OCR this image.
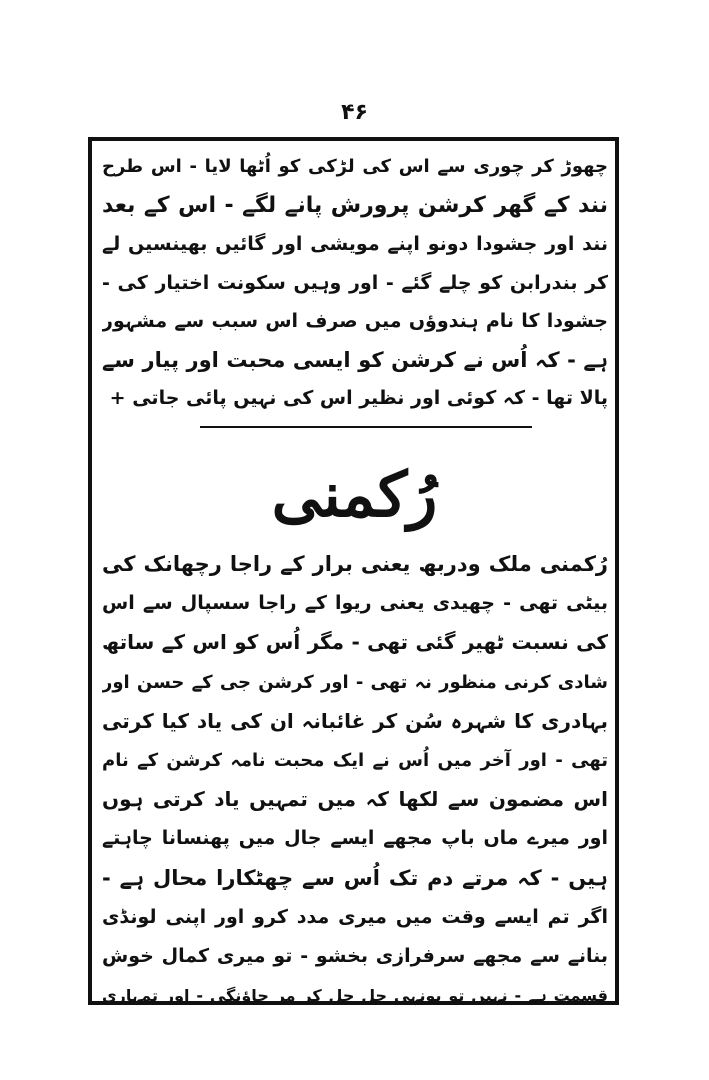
۴۶
چھوڑ کر چوری سے اس کی لڑکی کو اُٹھا لایا - اس طرح
نند کے گھر کرشن پرورش پانے لگے - اس کے بعد
نند اور جشودا دونو اپنے مویشی اور گائیں بھینسیں لے
کر بندرابن کو چلے گئے - اور وہیں سکونت اختیار کی -
جشودا کا نام ہندوؤں میں صرف اس سبب سے مشہور
ہے - کہ اُس نے کرشن کو ایسی محبت اور پیار سے
پالا تھا - کہ کوئی اور نظیر اس کی نہیں پائی جاتی +
رُکمنی
رُکمنی ملک ودربھ یعنی برار کے راجا رچھانک کی
بیٹی تھی - چھیدی یعنی ریوا کے راجا سسپال سے اس
کی نسبت ٹھیر گئی تھی - مگر اُس کو اس کے ساتھ
شادی کرنی منظور نہ تھی - اور کرشن جی کے حسن اور
بہادری کا شہرہ سُن کر غائبانہ ان کی یاد کیا کرتی
تھی - اور آخر میں اُس نے ایک محبت نامہ کرشن کے نام
اس مضمون سے لکھا کہ میں تمہیں یاد کرتی ہوں
اور میرے ماں باپ مجھے ایسے جال میں پھنسانا چاہتے
ہیں - کہ مرتے دم تک اُس سے چھٹکارا محال ہے -
اگر تم ایسے وقت میں میری مدد کرو اور اپنی لونڈی
بنانے سے مجھے سرفرازی بخشو - تو میری کمال خوش
قسمت ہے - نہیں تو یونہی جل جل کر مر جاؤنگی - اور تمہاری
